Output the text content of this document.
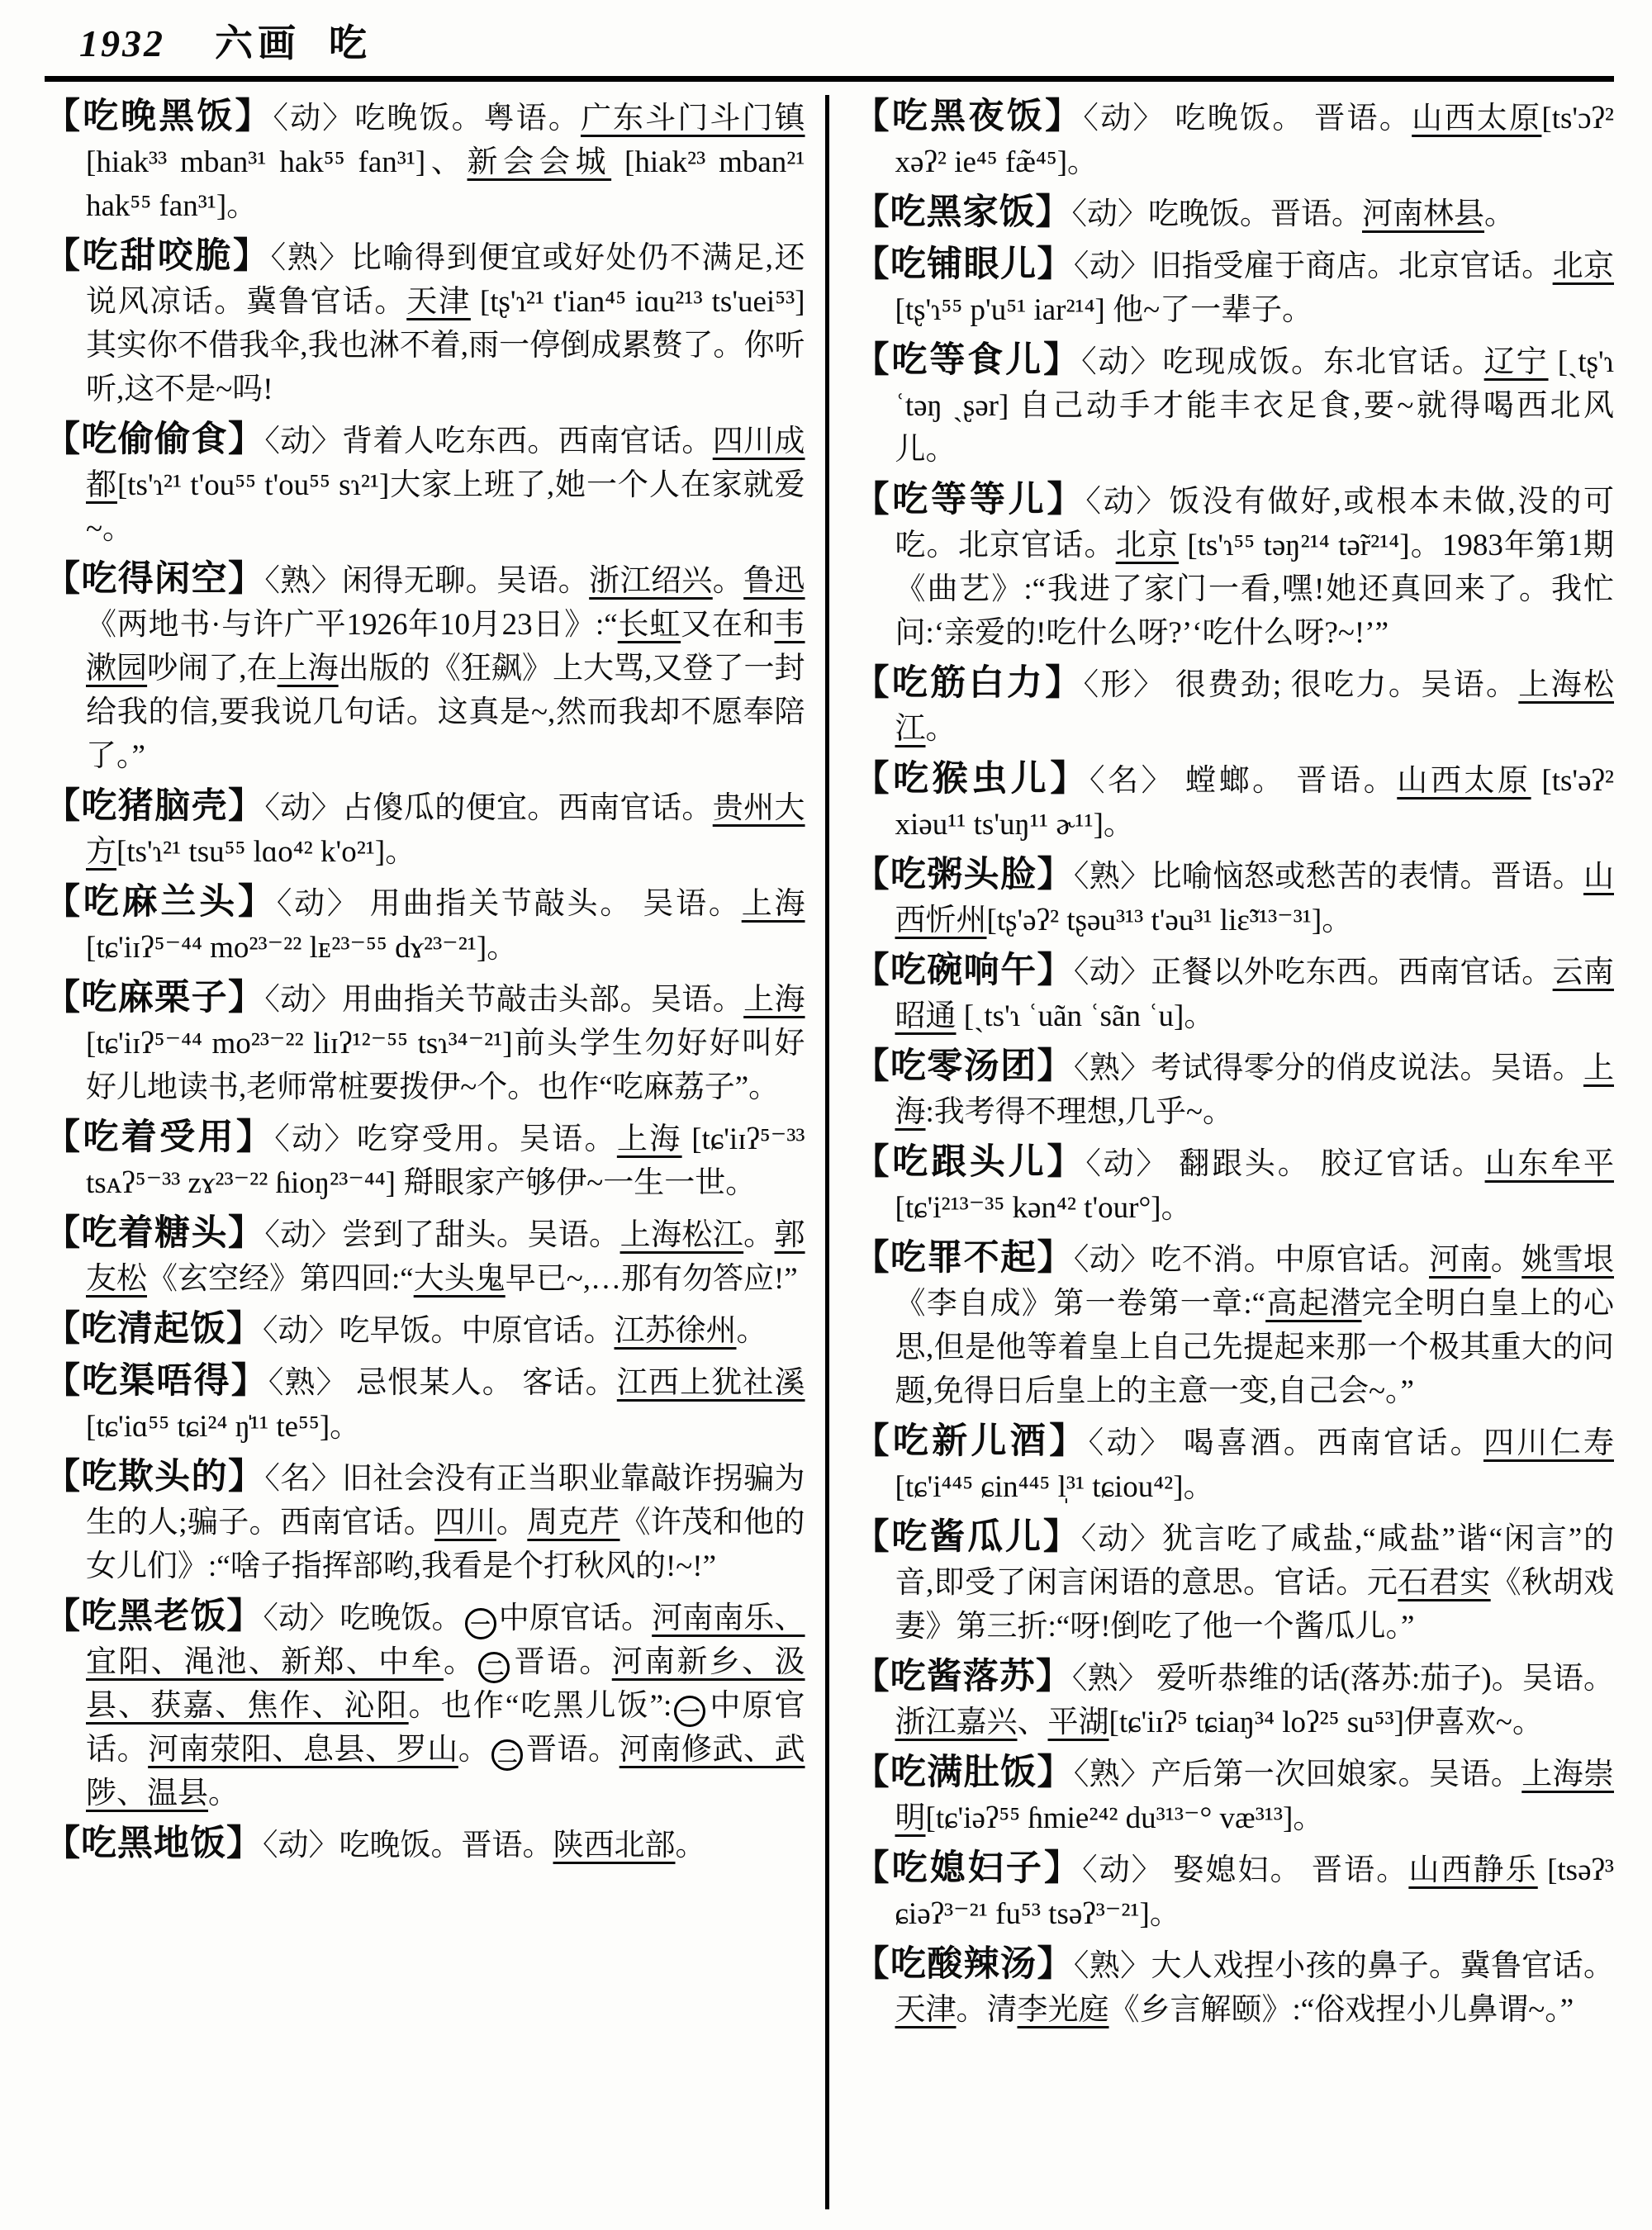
1932 六画 吃

【吃晚黑饭】〈动〉吃晚饭。粤语。广东斗门斗门镇 [hiak³³ mban³¹ hak⁵⁵ fan³¹]、新会会城 [hiak²³ mban²¹ hak⁵⁵ fan³¹]。

【吃甜咬脆】〈熟〉比喻得到便宜或好处仍不满足,还说风凉话。冀鲁官话。天津 [tʂ'ɿ²¹ t'ian⁴⁵ iɑu²¹³ ts'uei⁵³]其实你不借我伞,我也淋不着,雨一停倒成累赘了。你听听,这不是~吗!

【吃偷偷食】〈动〉背着人吃东西。西南官话。四川成都[ts'ɿ²¹ t'ou⁵⁵ t'ou⁵⁵ sɿ²¹]大家上班了,她一个人在家就爱~。

【吃得闲空】〈熟〉闲得无聊。吴语。浙江绍兴。鲁迅《两地书·与许广平1926年10月23日》:“长虹又在和韦漱园吵闹了,在上海出版的《狂飙》上大骂,又登了一封给我的信,要我说几句话。这真是~,然而我却不愿奉陪了。”

【吃猪脑壳】〈动〉占傻瓜的便宜。西南官话。贵州大方[ts'ɿ²¹ tsu⁵⁵ lɑo⁴² k'o²¹]。

【吃麻兰头】〈动〉 用曲指关节敲头。 吴语。上海 [tɕ'iɪʔ⁵⁻⁴⁴ mo²³⁻²² lᴇ²³⁻⁵⁵ dɤ²³⁻²¹]。

【吃麻栗子】〈动〉用曲指关节敲击头部。吴语。上海 [tɕ'iɪʔ⁵⁻⁴⁴ mo²³⁻²² liɪʔ¹²⁻⁵⁵ tsɿ³⁴⁻²¹]前头学生勿好好叫好好儿地读书,老师常桩要拨伊~个。也作“吃麻荔子”。

【吃着受用】〈动〉吃穿受用。吴语。上海 [tɕ'iɪʔ⁵⁻³³ tsᴀʔ⁵⁻³³ zɤ²³⁻²² ɦioŋ²³⁻⁴⁴] 搿眼家产够伊~一生一世。

【吃着糖头】〈动〉尝到了甜头。吴语。上海松江。郭友松《玄空经》第四回:“大头鬼早已~,…那有勿答应!”

【吃清起饭】〈动〉吃早饭。中原官话。江苏徐州。

【吃渠唔得】〈熟〉 忌恨某人。 客话。江西上犹社溪 [tɕ'iɑ⁵⁵ tɕi²⁴ ŋ̍¹¹ te⁵⁵]。

【吃欺头的】〈名〉旧社会没有正当职业靠敲诈拐骗为生的人;骗子。西南官话。四川。周克芹《许茂和他的女儿们》:“啥子指挥部哟,我看是个打秋风的!~!”

【吃黑老饭】〈动〉吃晚饭。 一 中原官话。河南南乐、宜阳、渑池、新郑、中牟。 二 晋语。河南新乡、汲县、获嘉、焦作、沁阳。也作“吃黑儿饭”: 一 中原官话。河南荥阳、息县、罗山。 二 晋语。河南修武、武陟、温县。

【吃黑地饭】〈动〉吃晚饭。晋语。陕西北部。

【吃黑夜饭】〈动〉 吃晚饭。 晋语。山西太原[ts'ɔʔ² xəʔ² ie⁴⁵ fæ̃⁴⁵]。

【吃黑家饭】〈动〉吃晚饭。晋语。河南林县。

【吃铺眼儿】〈动〉旧指受雇于商店。北京官话。北京 [tʂ'ɿ⁵⁵ p'u⁵¹ iar²¹⁴] 他~了一辈子。

【吃等食儿】〈动〉吃现成饭。东北官话。辽宁 [ˏtʂ'ɿ ʿtəŋ ˏʂər] 自己动手才能丰衣足食,要~就得喝西北风儿。

【吃等等儿】〈动〉饭没有做好,或根本未做,没的可吃。北京官话。北京 [ts'ɿ⁵⁵ təŋ²¹⁴ tə̃r²¹⁴]。1983年第1期《曲艺》:“我进了家门一看,嘿!她还真回来了。我忙问:‘亲爱的!吃什么呀?’‘吃什么呀?~!’”

【吃筋白力】〈形〉 很费劲; 很吃力。吴语。上海松江。

【吃猴虫儿】〈名〉 螳螂。 晋语。山西太原 [ts'əʔ² xiəu¹¹ ts'uŋ¹¹ ɚ¹¹]。

【吃粥头脸】〈熟〉比喻恼怒或愁苦的表情。晋语。山西忻州[tʂ'əʔ² tʂəu³¹³ t'əu³¹ liɛ̃³¹³⁻³¹]。

【吃碗响午】〈动〉正餐以外吃东西。西南官话。云南昭通 [ˏts'ɿ ʿuãn ʿsãn ʿu]。

【吃零汤团】〈熟〉考试得零分的俏皮说法。吴语。上海:我考得不理想,几乎~。

【吃跟头儿】〈动〉 翻跟头。 胶辽官话。山东牟平 [tɕ'i²¹³⁻³⁵ kən⁴² t'our°]。

【吃罪不起】〈动〉吃不消。中原官话。河南。姚雪垠《李自成》第一卷第一章:“高起潜完全明白皇上的心思,但是他等着皇上自己先提起来那一个极其重大的问题,免得日后皇上的主意一变,自己会~。”

【吃新儿酒】〈动〉 喝喜酒。西南官话。四川仁寿 [tɕ'i⁴⁴⁵ ɕin⁴⁴⁵ l̩³¹ tɕiou⁴²]。

【吃酱瓜儿】〈动〉犹言吃了咸盐,“咸盐”谐“闲言”的音,即受了闲言闲语的意思。官话。元石君实《秋胡戏妻》第三折:“呀!倒吃了他一个酱瓜儿。”

【吃酱落苏】〈熟〉 爱听恭维的话(落苏:茄子)。吴语。浙江嘉兴、平湖[tɕ'iɪʔ⁵ tɕiaŋ³⁴ loʔ²⁵ su⁵³]伊喜欢~。

【吃满肚饭】〈熟〉产后第一次回娘家。吴语。上海崇明[tɕ'iəʔ⁵⁵ ɦmie²⁴² du³¹³⁻° væ³¹³]。

【吃媳妇子】〈动〉 娶媳妇。 晋语。山西静乐 [tsəʔ³ ɕiəʔ³⁻²¹ fu⁵³ tsəʔ³⁻²¹]。

【吃酸辣汤】〈熟〉大人戏捏小孩的鼻子。冀鲁官话。天津。清李光庭《乡言解颐》:“俗戏捏小儿鼻谓~。”
